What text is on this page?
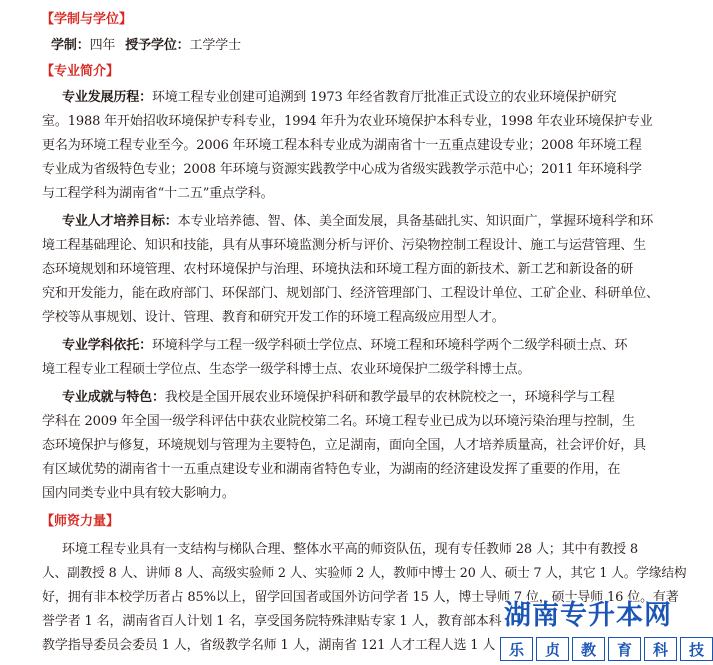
【学制与学位】
学制：四年 授予学位：工学学士
【专业简介】
专业发展历程：环境工程专业创建可追溯到 1973 年经省教育厅批准正式设立的农业环境保护研究
室。1988 年开始招收环境保护专科专业，1994 年升为农业环境保护本科专业，1998 年农业环境保护专业
更名为环境工程专业至今。2006 年环境工程本科专业成为湖南省十一五重点建设专业；2008 年环境工程
专业成为省级特色专业；2008 年环境与资源实践教学中心成为省级实践教学示范中心；2011 年环境科学
与工程学科为湖南省“十二五”重点学科。
专业人才培养目标：本专业培养德、智、体、美全面发展，具备基础扎实、知识面广，掌握环境科学和环
境工程基础理论、知识和技能，具有从事环境监测分析与评价、污染物控制工程设计、施工与运营管理、生
态环境规划和环境管理、农村环境保护与治理、环境执法和环境工程方面的新技术、新工艺和新设备的研
究和开发能力，能在政府部门、环保部门、规划部门、经济管理部门、工程设计单位、工矿企业、科研单位、
学校等从事规划、设计、管理、教育和研究开发工作的环境工程高级应用型人才。
专业学科依托：环境科学与工程一级学科硕士学位点、环境工程和环境科学两个二级学科硕士点、环
境工程专业工程硕士学位点、生态学一级学科博士点、农业环境保护二级学科博士点。
专业成就与特色：我校是全国开展农业环境保护科研和教学最早的农林院校之一，环境科学与工程
学科在 2009 年全国一级学科评估中获农业院校第二名。环境工程专业已成为以环境污染治理与控制，生
态环境保护与修复，环境规划与管理为主要特色，立足湖南，面向全国，人才培养质量高，社会评价好，具
有区域优势的湖南省十一五重点建设专业和湖南省特色专业，为湖南的经济建设发挥了重要的作用，在
国内同类专业中具有较大影响力。
【师资力量】
环境工程专业具有一支结构与梯队合理、整体水平高的师资队伍，现有专任教师 28 人；其中有教授 8
人、副教授 8 人、讲师 8 人、高级实验师 2 人、实验师 2 人，教师中博士 20 人、硕士 7 人，其它 1 人。学缘结构
好，拥有非本校学历者占 85%以上，留学回国者或国外访问学者 15 人，博士导师 7 位，硕士导师 16 位。有著
誉学者 1 名，湖南省百人计划 1 名，享受国务院特殊津贴专家 1 人，教育部本科
教学指导委员会委员 1 人，省级教学名师 1 人，湖南省 121 人才工程人选 1 人
湖南专升本网
乐	贞	教	育	科	技
